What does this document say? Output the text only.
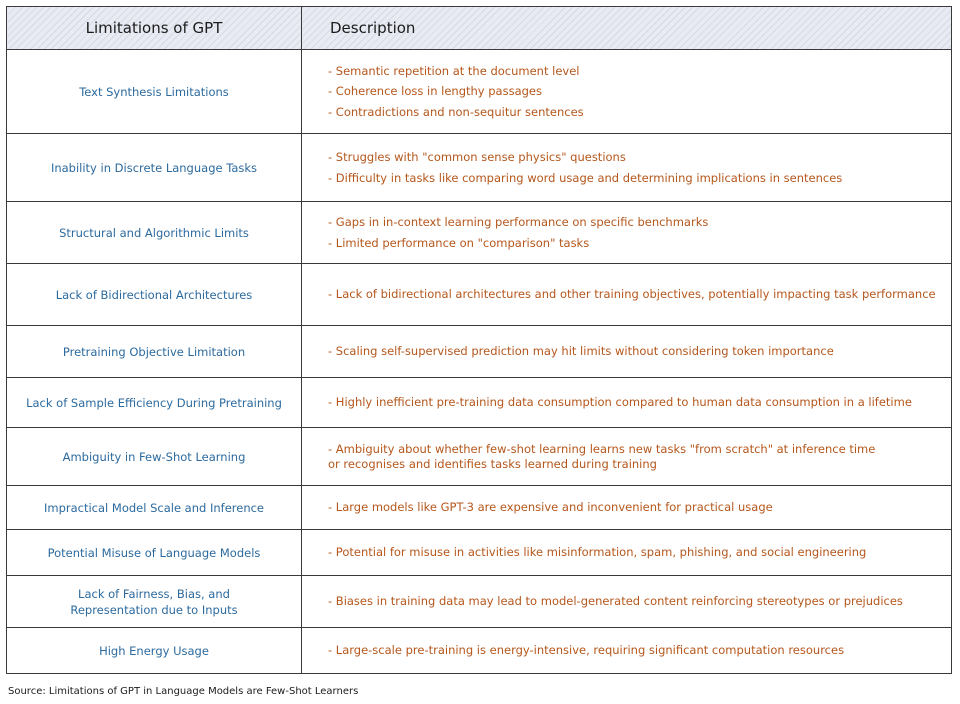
Limitations of GPT	Description
Text Synthesis Limitations	- Semantic repetition at the document level
- Coherence loss in lengthy passages
- Contradictions and non-sequitur sentences

Inability in Discrete Language Tasks	- Struggles with "common sense physics" questions
- Difficulty in tasks like comparing word usage and determining implications in sentences

Structural and Algorithmic Limits	- Gaps in in-context learning performance on specific benchmarks
- Limited performance on "comparison" tasks

Lack of Bidirectional Architectures	- Lack of bidirectional architectures and other training objectives, potentially impacting task performance

Pretraining Objective Limitation	- Scaling self-supervised prediction may hit limits without considering token importance

Lack of Sample Efficiency During Pretraining	- Highly inefficient pre-training data consumption compared to human data consumption in a lifetime

Ambiguity in Few-Shot Learning	- Ambiguity about whether few-shot learning learns new tasks "from scratch" at inference time
or recognises and identifies tasks learned during training

Impractical Model Scale and Inference	- Large models like GPT-3 are expensive and inconvenient for practical usage

Potential Misuse of Language Models	- Potential for misuse in activities like misinformation, spam, phishing, and social engineering

Lack of Fairness, Bias, and Representation due to Inputs	- Biases in training data may lead to model-generated content reinforcing stereotypes or prejudices

High Energy Usage	- Large-scale pre-training is energy-intensive, requiring significant computation resources
Source: Limitations of GPT in Language Models are Few-Shot Learners
